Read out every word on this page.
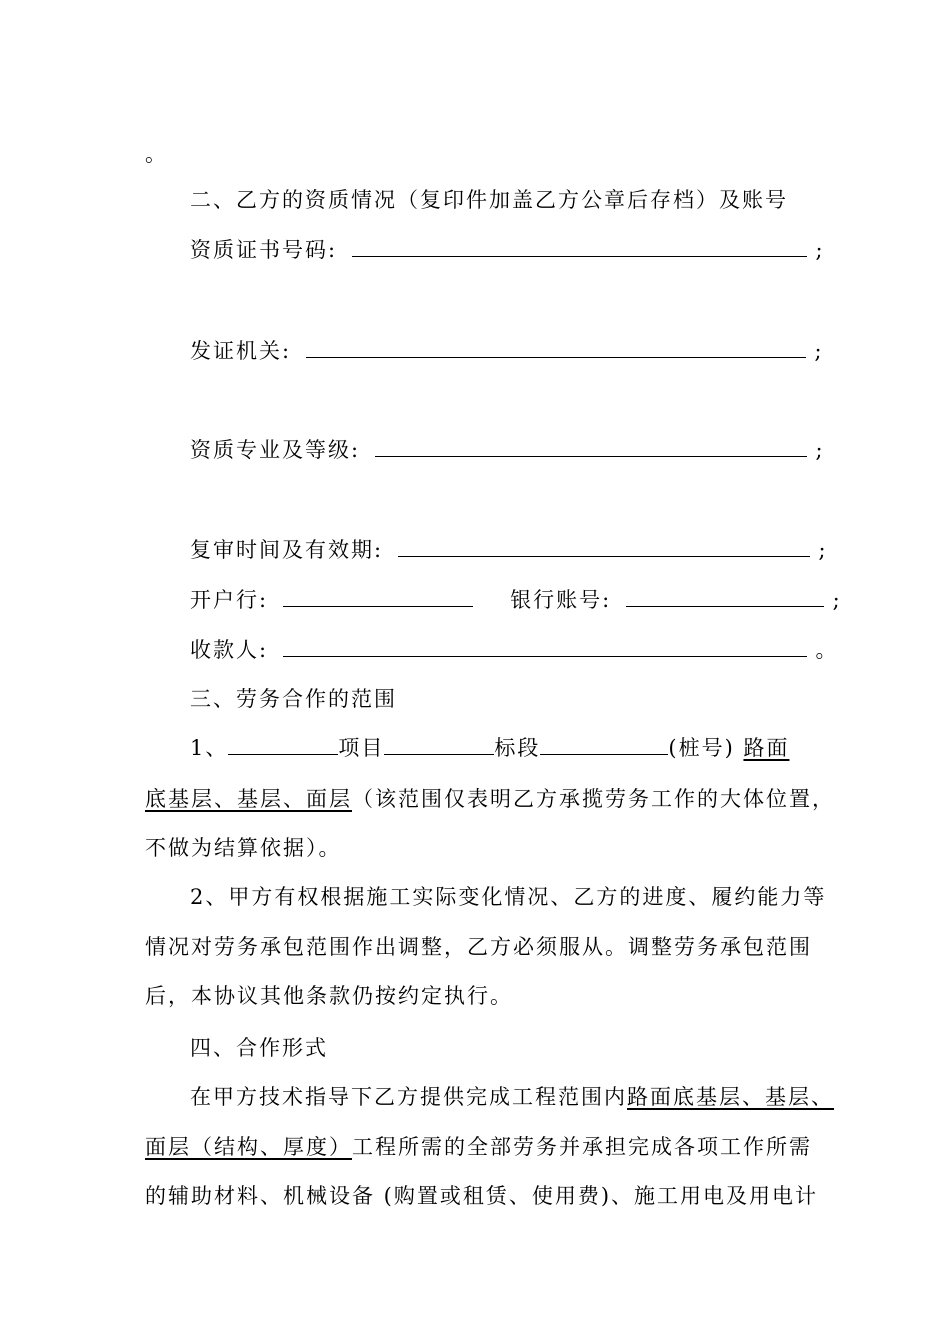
。
二、乙方的资质情况（复印件加盖乙方公章后存档）及账号
资质证书号码:	;
发证机关:	;
资质专业及等级:	;
复审时间及有效期:	;
开户行:	银行账号:	;
收款人:	。
三、劳务合作的范围
1、	项目	标段	(桩号) 路面
底基层、基层、面层（该范围仅表明乙方承揽劳务工作的大体位置，
不做为结算依据）。
2、甲方有权根据施工实际变化情况、乙方的进度、履约能力等
情况对劳务承包范围作出调整，乙方必须服从。调整劳务承包范围
后，本协议其他条款仍按约定执行。
四、合作形式
在甲方技术指导下乙方提供完成工程范围内路面底基层、基层、
面层（结构、厚度）工程所需的全部劳务并承担完成各项工作所需
的辅助材料、机械设备 (购置或租赁、使用费)、施工用电及用电计
